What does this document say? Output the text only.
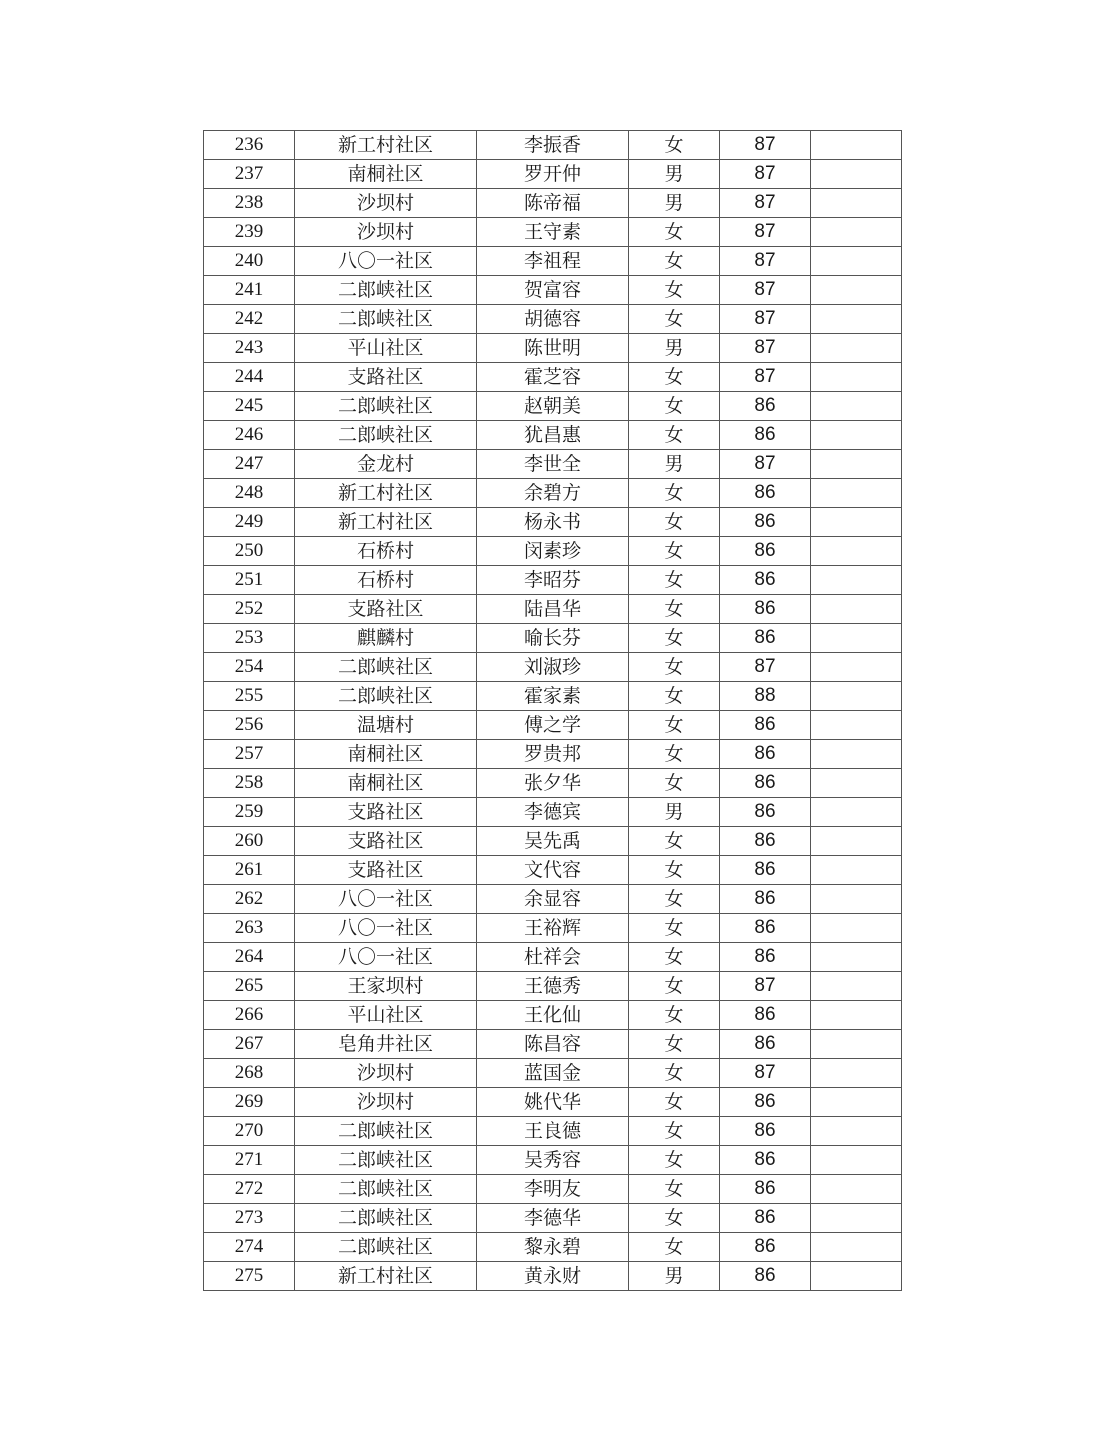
236	新工村社区	李振香	女	87	
237	南桐社区	罗开仲	男	87	
238	沙坝村	陈帝福	男	87	
239	沙坝村	王守素	女	87	
240	八〇一社区	李祖程	女	87	
241	二郎峡社区	贺富容	女	87	
242	二郎峡社区	胡德容	女	87	
243	平山社区	陈世明	男	87	
244	支路社区	霍芝容	女	87	
245	二郎峡社区	赵朝美	女	86	
246	二郎峡社区	犹昌惠	女	86	
247	金龙村	李世全	男	87	
248	新工村社区	余碧方	女	86	
249	新工村社区	杨永书	女	86	
250	石桥村	闵素珍	女	86	
251	石桥村	李昭芬	女	86	
252	支路社区	陆昌华	女	86	
253	麒麟村	喻长芬	女	86	
254	二郎峡社区	刘淑珍	女	87	
255	二郎峡社区	霍家素	女	88	
256	温塘村	傅之学	女	86	
257	南桐社区	罗贵邦	女	86	
258	南桐社区	张夕华	女	86	
259	支路社区	李德宾	男	86	
260	支路社区	吴先禹	女	86	
261	支路社区	文代容	女	86	
262	八〇一社区	余显容	女	86	
263	八〇一社区	王裕辉	女	86	
264	八〇一社区	杜祥会	女	86	
265	王家坝村	王德秀	女	87	
266	平山社区	王化仙	女	86	
267	皂角井社区	陈昌容	女	86	
268	沙坝村	蓝国金	女	87	
269	沙坝村	姚代华	女	86	
270	二郎峡社区	王良德	女	86	
271	二郎峡社区	吴秀容	女	86	
272	二郎峡社区	李明友	女	86	
273	二郎峡社区	李德华	女	86	
274	二郎峡社区	黎永碧	女	86	
275	新工村社区	黄永财	男	86	
